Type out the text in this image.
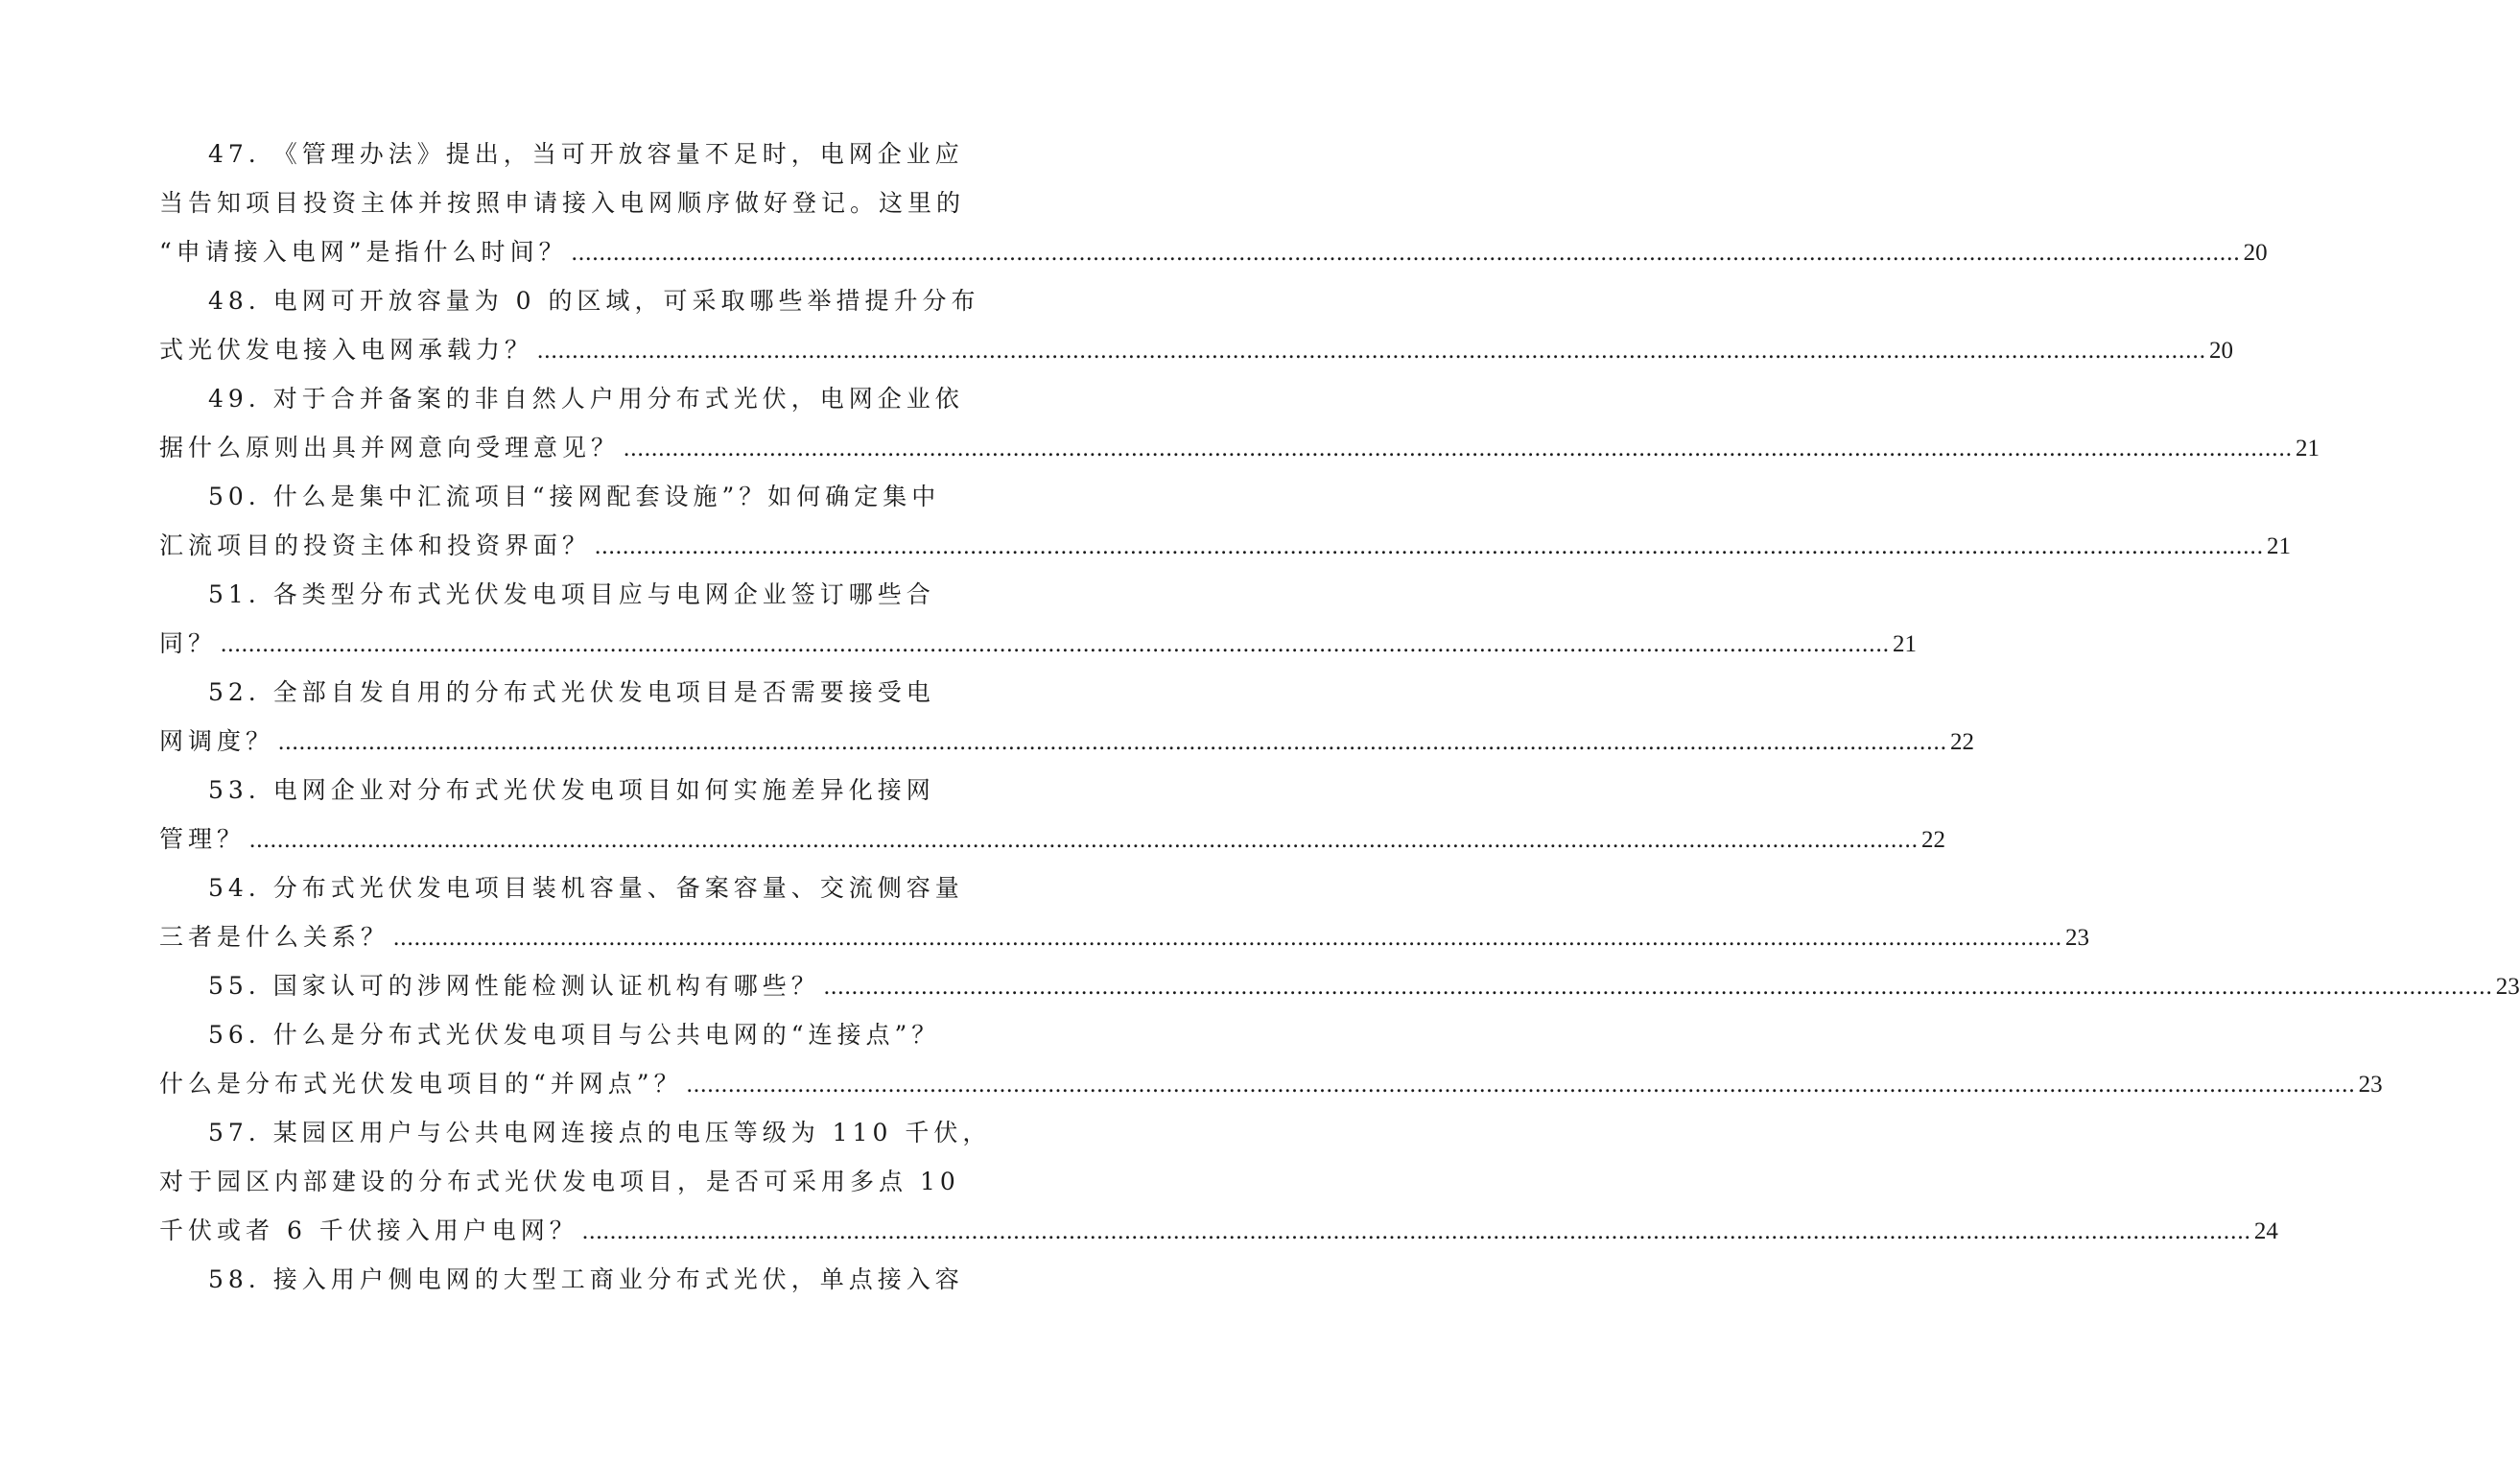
47. 《管理办法》提出，当可开放容量不足时，电网企业应
当告知项目投资主体并按照申请接入电网顺序做好登记。这里的
“申请接入电网”是指什么时间？ .....	20
48. 电网可开放容量为 0 的区域，可采取哪些举措提升分布
式光伏发电接入电网承载力？ .....	20
49. 对于合并备案的非自然人户用分布式光伏，电网企业依
据什么原则出具并网意向受理意见？ .....	21
50. 什么是集中汇流项目“接网配套设施”？如何确定集中
汇流项目的投资主体和投资界面？ .....	21
51. 各类型分布式光伏发电项目应与电网企业签订哪些合
同？ .....	21
52. 全部自发自用的分布式光伏发电项目是否需要接受电
网调度？ .....	22
53. 电网企业对分布式光伏发电项目如何实施差异化接网
管理？ .....	22
54. 分布式光伏发电项目装机容量、备案容量、交流侧容量
三者是什么关系？ .....	23
55. 国家认可的涉网性能检测认证机构有哪些？ .....	23
56. 什么是分布式光伏发电项目与公共电网的“连接点”？
什么是分布式光伏发电项目的“并网点”？ .....	23
57. 某园区用户与公共电网连接点的电压等级为 110 千伏，
对于园区内部建设的分布式光伏发电项目，是否可采用多点 10
千伏或者 6 千伏接入用户电网？ .....	24
58. 接入用户侧电网的大型工商业分布式光伏，单点接入容
